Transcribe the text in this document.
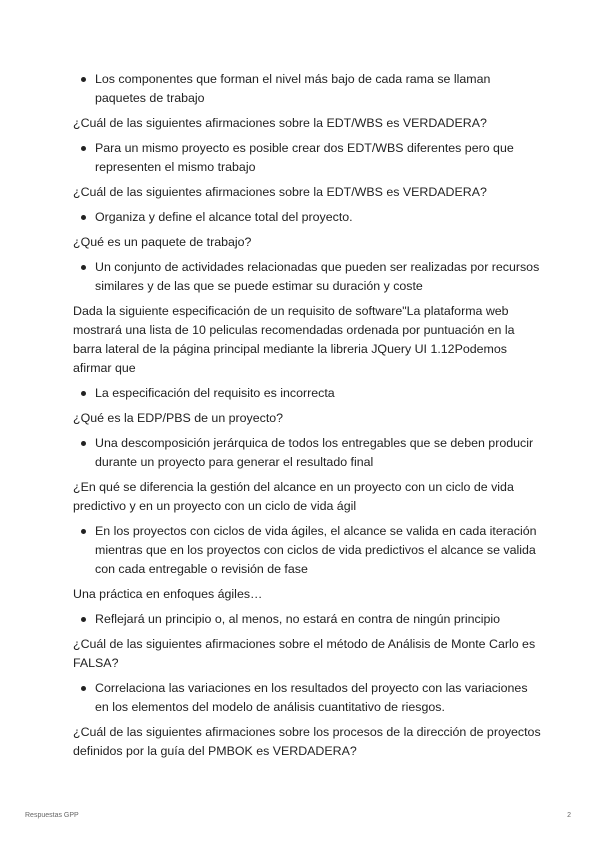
Los componentes que forman el nivel más bajo de cada rama se llaman paquetes de trabajo

¿Cuál de las siguientes afirmaciones sobre la EDT/WBS es VERDADERA?

Para un mismo proyecto es posible crear dos EDT/WBS diferentes pero que representen el mismo trabajo

¿Cuál de las siguientes afirmaciones sobre la EDT/WBS es VERDADERA?

Organiza y define el alcance total del proyecto.

¿Qué es un paquete de trabajo?

Un conjunto de actividades relacionadas que pueden ser realizadas por recursos similares y de las que se puede estimar su duración y coste

Dada la siguiente especificación de un requisito de software"La plataforma web mostrará una lista de 10 peliculas recomendadas ordenada por puntuación en la barra lateral de la página principal mediante la libreria JQuery UI 1.12Podemos afirmar que

La especificación del requisito es incorrecta

¿Qué es la EDP/PBS de un proyecto?

Una descomposición jerárquica de todos los entregables que se deben producir durante un proyecto para generar el resultado final

¿En qué se diferencia la gestión del alcance en un proyecto con un ciclo de vida predictivo y en un proyecto con un ciclo de vida ágil

En los proyectos con ciclos de vida ágiles, el alcance se valida en cada iteración mientras que en los proyectos con ciclos de vida predictivos el alcance se valida con cada entregable o revisión de fase

Una práctica en enfoques ágiles…

Reflejará un principio o, al menos, no estará en contra de ningún principio

¿Cuál de las siguientes afirmaciones sobre el método de Análisis de Monte Carlo es FALSA?

Correlaciona las variaciones en los resultados del proyecto con las variaciones en los elementos del modelo de análisis cuantitativo de riesgos.

¿Cuál de las siguientes afirmaciones sobre los procesos de la dirección de proyectos definidos por la guía del PMBOK es VERDADERA?

Respuestas GPP	2
